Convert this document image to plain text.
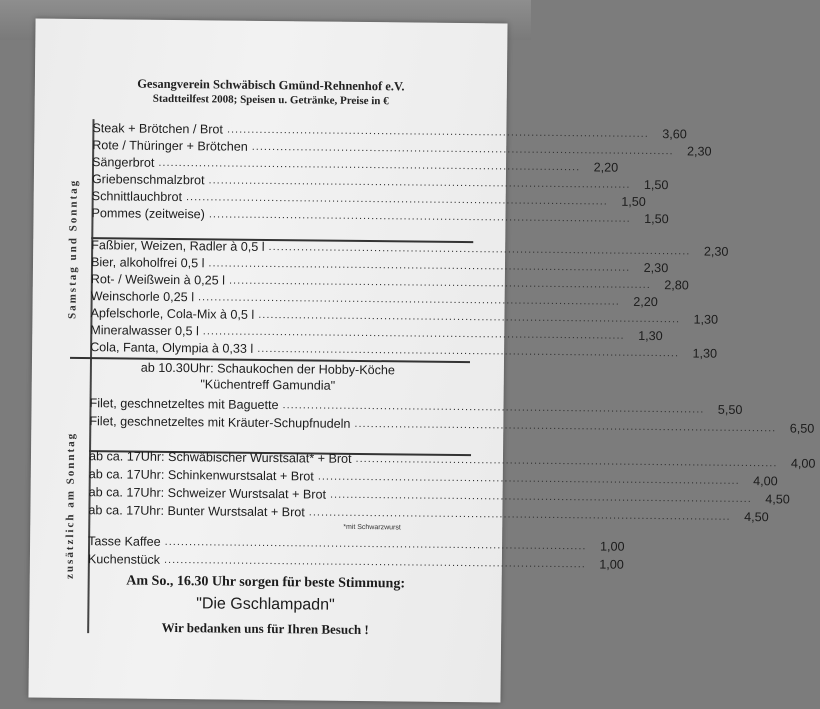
Gesangverein Schwäbisch Gmünd-Rehnenhof e.V.
Stadtteilfest 2008; Speisen u. Getränke, Preise in €
Samstag und Sonntag
zusätzlich am Sonntag
Steak + Brötchen / Brot ........................................................................................................	3,60
Rote / Thüringer + Brötchen ........................................................................................................	2,30
Sängerbrot ........................................................................................................	2,20
Griebenschmalzbrot ........................................................................................................	1,50
Schnittlauchbrot ........................................................................................................	1,50
Pommes (zeitweise) ........................................................................................................	1,50
Faßbier, Weizen, Radler à 0,5 l ........................................................................................................	2,30
Bier, alkoholfrei 0,5 l ........................................................................................................	2,30
Rot- / Weißwein à 0,25 l ........................................................................................................	2,80
Weinschorle 0,25 l ........................................................................................................	2,20
Apfelschorle, Cola-Mix à 0,5 l ........................................................................................................	1,30
Mineralwasser 0,5 l ........................................................................................................	1,30
Cola, Fanta, Olympia à 0,33 l ........................................................................................................	1,30
ab 10.30Uhr: Schaukochen der Hobby-Köche
"Küchentreff Gamundia"
Filet, geschnetzeltes mit Baguette ........................................................................................................	5,50
Filet, geschnetzeltes mit Kräuter-Schupfnudeln ........................................................................................................	6,50
ab ca. 17Uhr: Schwäbischer Wurstsalat* + Brot ........................................................................................................	4,00
ab ca. 17Uhr: Schinkenwurstsalat + Brot ........................................................................................................	4,00
ab ca. 17Uhr: Schweizer Wurstsalat + Brot ........................................................................................................	4,50
ab ca. 17Uhr: Bunter Wurstsalat + Brot ........................................................................................................	4,50
*mit Schwarzwurst
Tasse Kaffee ........................................................................................................	1,00
Kuchenstück ........................................................................................................	1,00
Am So., 16.30 Uhr sorgen für beste Stimmung:
"Die Gschlampadn"
Wir bedanken uns für Ihren Besuch !
